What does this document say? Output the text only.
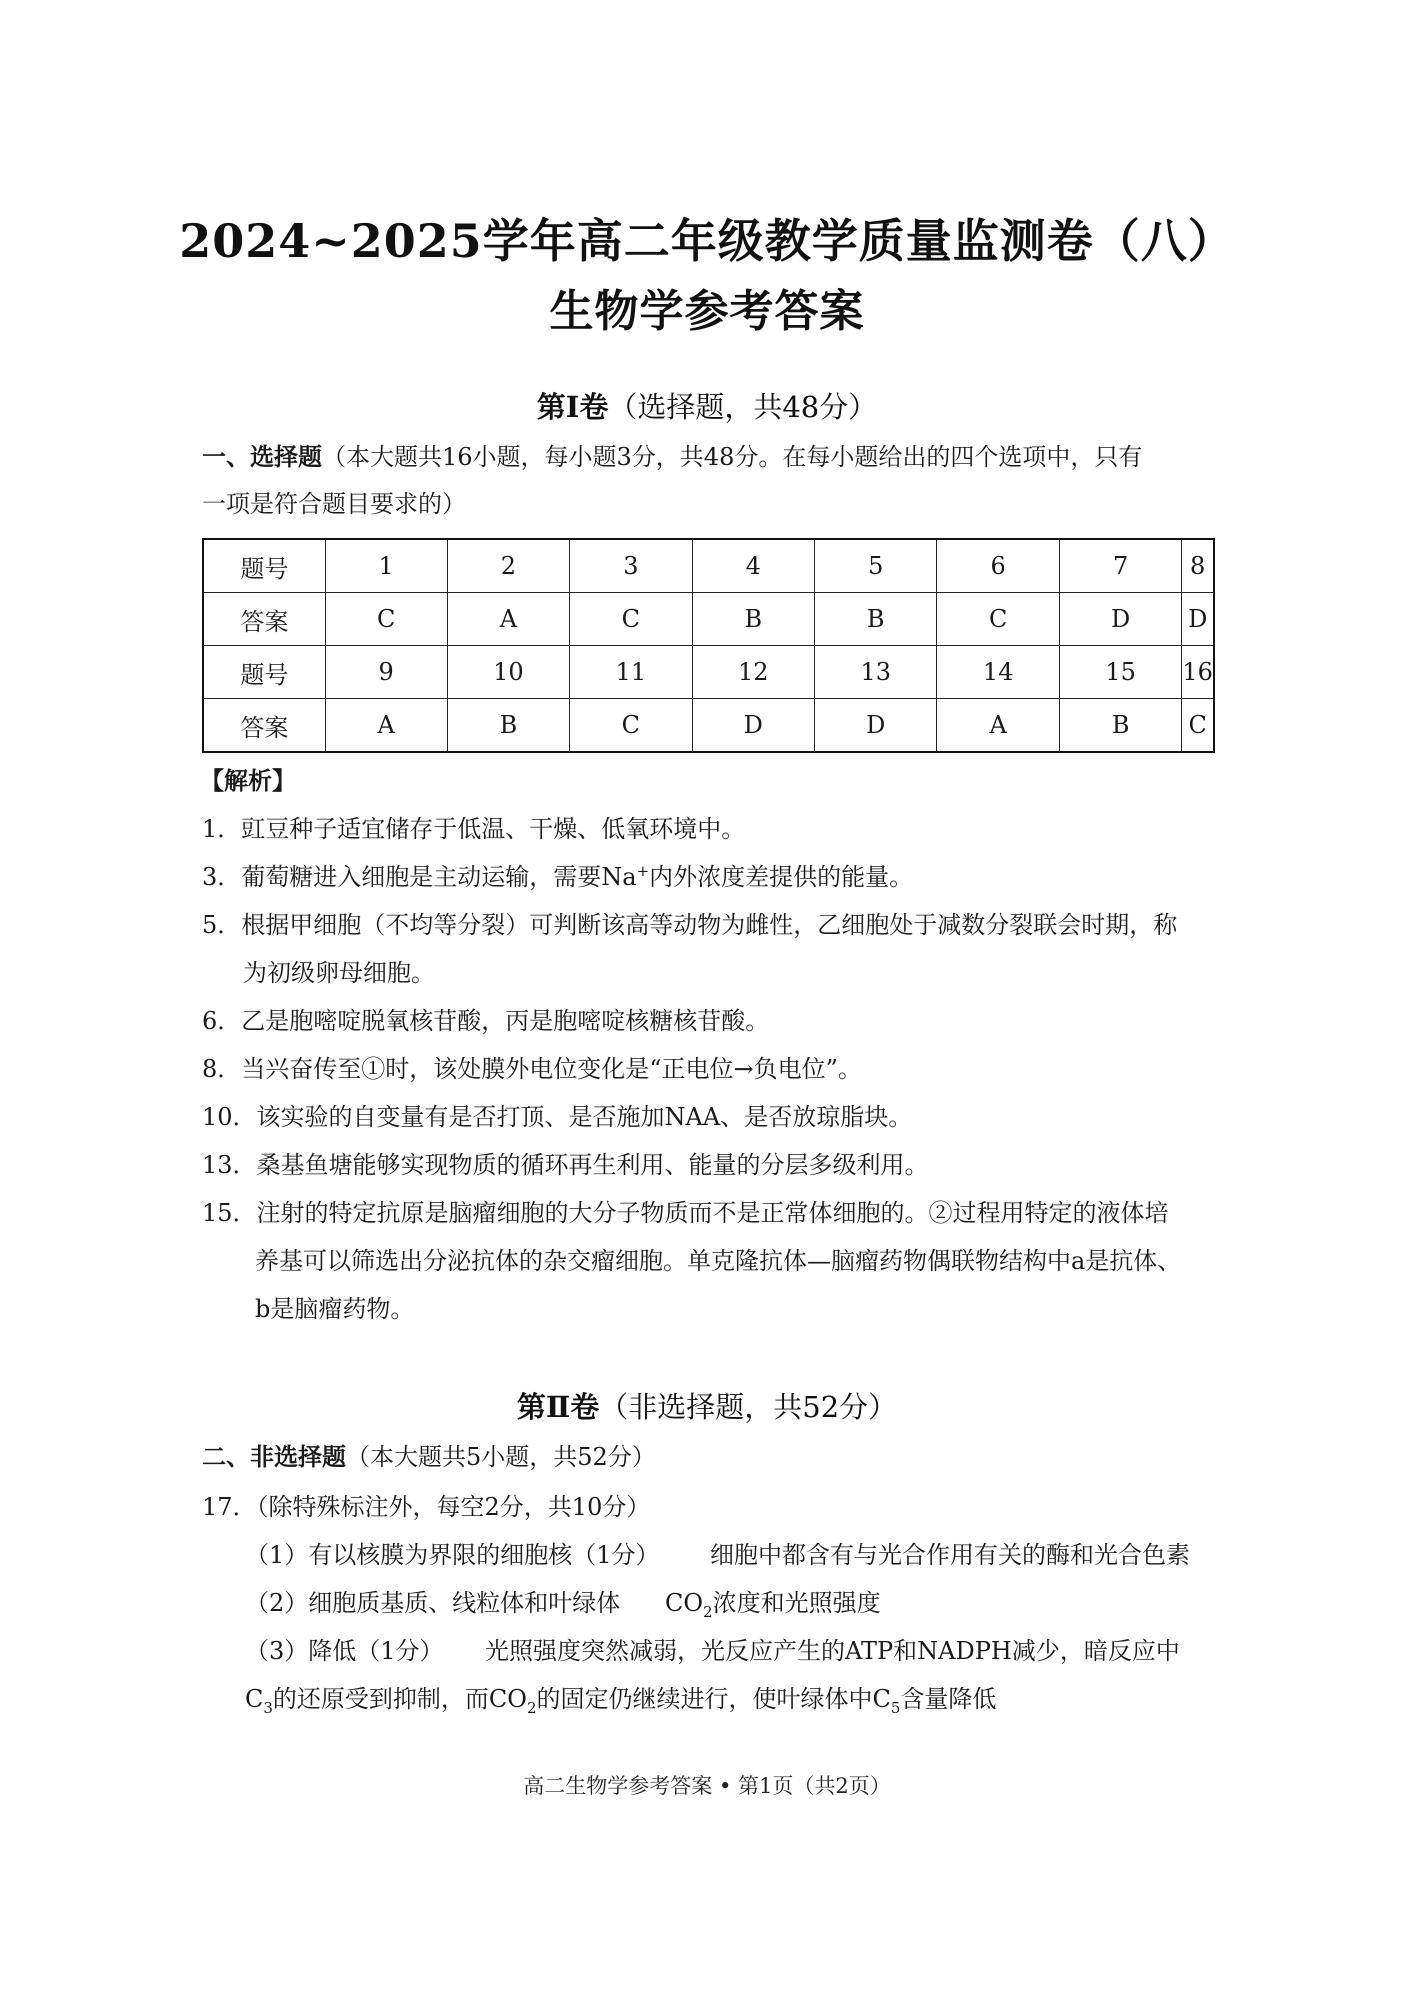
2024~2025学年高二年级教学质量监测卷（八）
生物学参考答案
第Ⅰ卷（选择题，共48分）
一、选择题（本大题共16小题，每小题3分，共48分。在每小题给出的四个选项中，只有
一项是符合题目要求的）
题号	1	2	3	4	5	6	7	8
答案	C	A	C	B	B	C	D	D
题号	9	10	11	12	13	14	15	16
答案	A	B	C	D	D	A	B	C
【解析】
1．豇豆种子适宜储存于低温、干燥、低氧环境中。
3．葡萄糖进入细胞是主动运输，需要Na+内外浓度差提供的能量。
5．根据甲细胞（不均等分裂）可判断该高等动物为雌性，乙细胞处于减数分裂联会时期，称
为初级卵母细胞。
6．乙是胞嘧啶脱氧核苷酸，丙是胞嘧啶核糖核苷酸。
8．当兴奋传至①时，该处膜外电位变化是“正电位→负电位”。
10．该实验的自变量有是否打顶、是否施加NAA、是否放琼脂块。
13．桑基鱼塘能够实现物质的循环再生利用、能量的分层多级利用。
15．注射的特定抗原是脑瘤细胞的大分子物质而不是正常体细胞的。②过程用特定的液体培
养基可以筛选出分泌抗体的杂交瘤细胞。单克隆抗体—脑瘤药物偶联物结构中a是抗体、
b是脑瘤药物。
第Ⅱ卷（非选择题，共52分）
二、非选择题（本大题共5小题，共52分）
17．（除特殊标注外，每空2分，共10分）
（1）有以核膜为界限的细胞核（1分） 细胞中都含有与光合作用有关的酶和光合色素
（2）细胞质基质、线粒体和叶绿体 $CO_2$浓度和光照强度
（3）降低（1分） 光照强度突然减弱，光反应产生的ATP和NADPH减少，暗反应中
$C_3$的还原受到抑制，而$CO_2$的固定仍继续进行，使叶绿体中$C_5$含量降低
高二生物学参考答案 • 第1页（共2页）
